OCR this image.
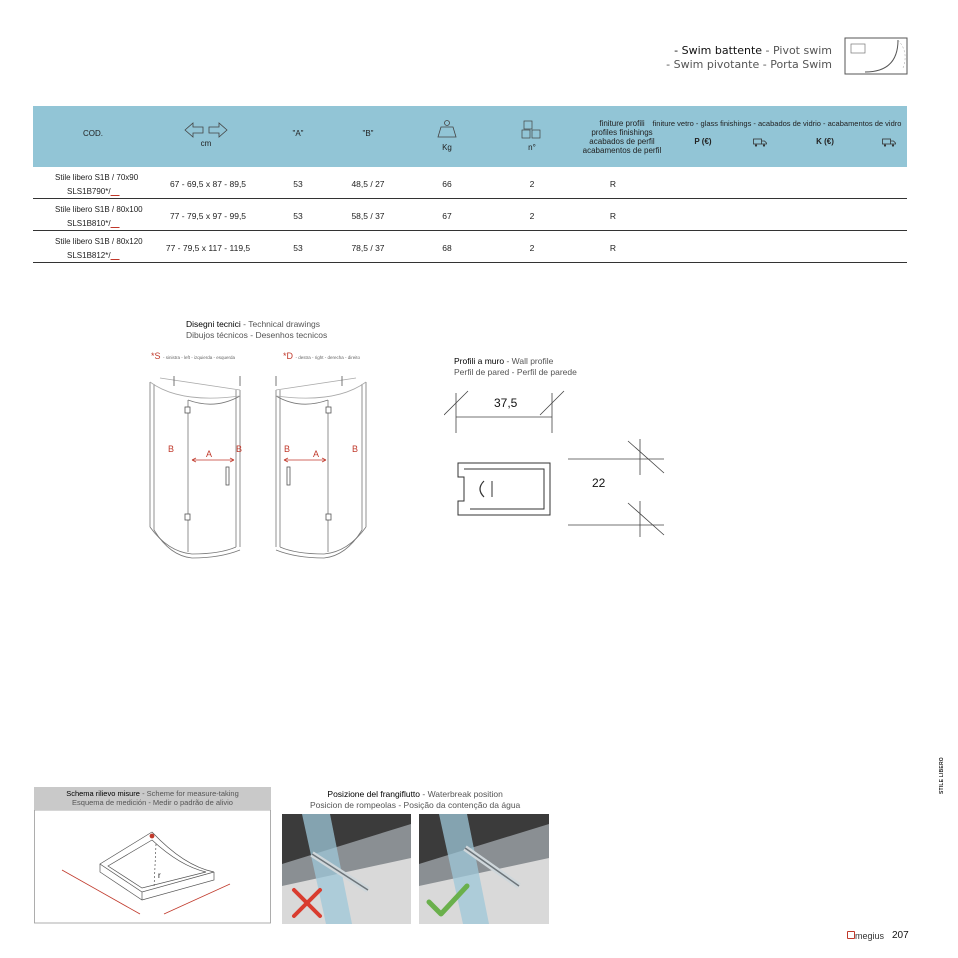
- Swim battente - Pivot swim
- Swim pivotante - Porta Swim
COD.
cm
"A"	"B"
Kg	n°
finiture profili
profiles finishings
acabados de perfil
acabamentos de perfil
finiture vetro - glass finishings - acabados de vidrio - acabamentos de vidro
P (€)	K (€)
Stile libero S1B / 70x90
SLS1B790*/__
67 - 69,5 x 87 - 89,5	53	48,5 / 27	66	2	R
Stile libero S1B / 80x100
SLS1B810*/__
77 - 79,5 x 97 - 99,5	53	58,5 / 37	67	2	R
Stile libero S1B / 80x120
SLS1B812*/__
77 - 79,5 x 117 - 119,5	53	78,5 / 37	68	2	R
Disegni tecnici - Technical drawings
Dibujos técnicos - Desenhos tecnicos
*S - sinistra - left - izquierda - esquerda	*D - destra - right - derecha - direito
B	A	B	B	A	B
Profili a muro - Wall profile
Perfil de pared - Perfil de parede
37,5
22
Schema rilievo misure - Scheme for measure-taking
Esquema de medición - Medir o padrão de alivio
r
Posizione del frangiflutto - Waterbreak position
Posicion de rompeolas - Posição da contenção da água
STILE LIBERO
megius 207
